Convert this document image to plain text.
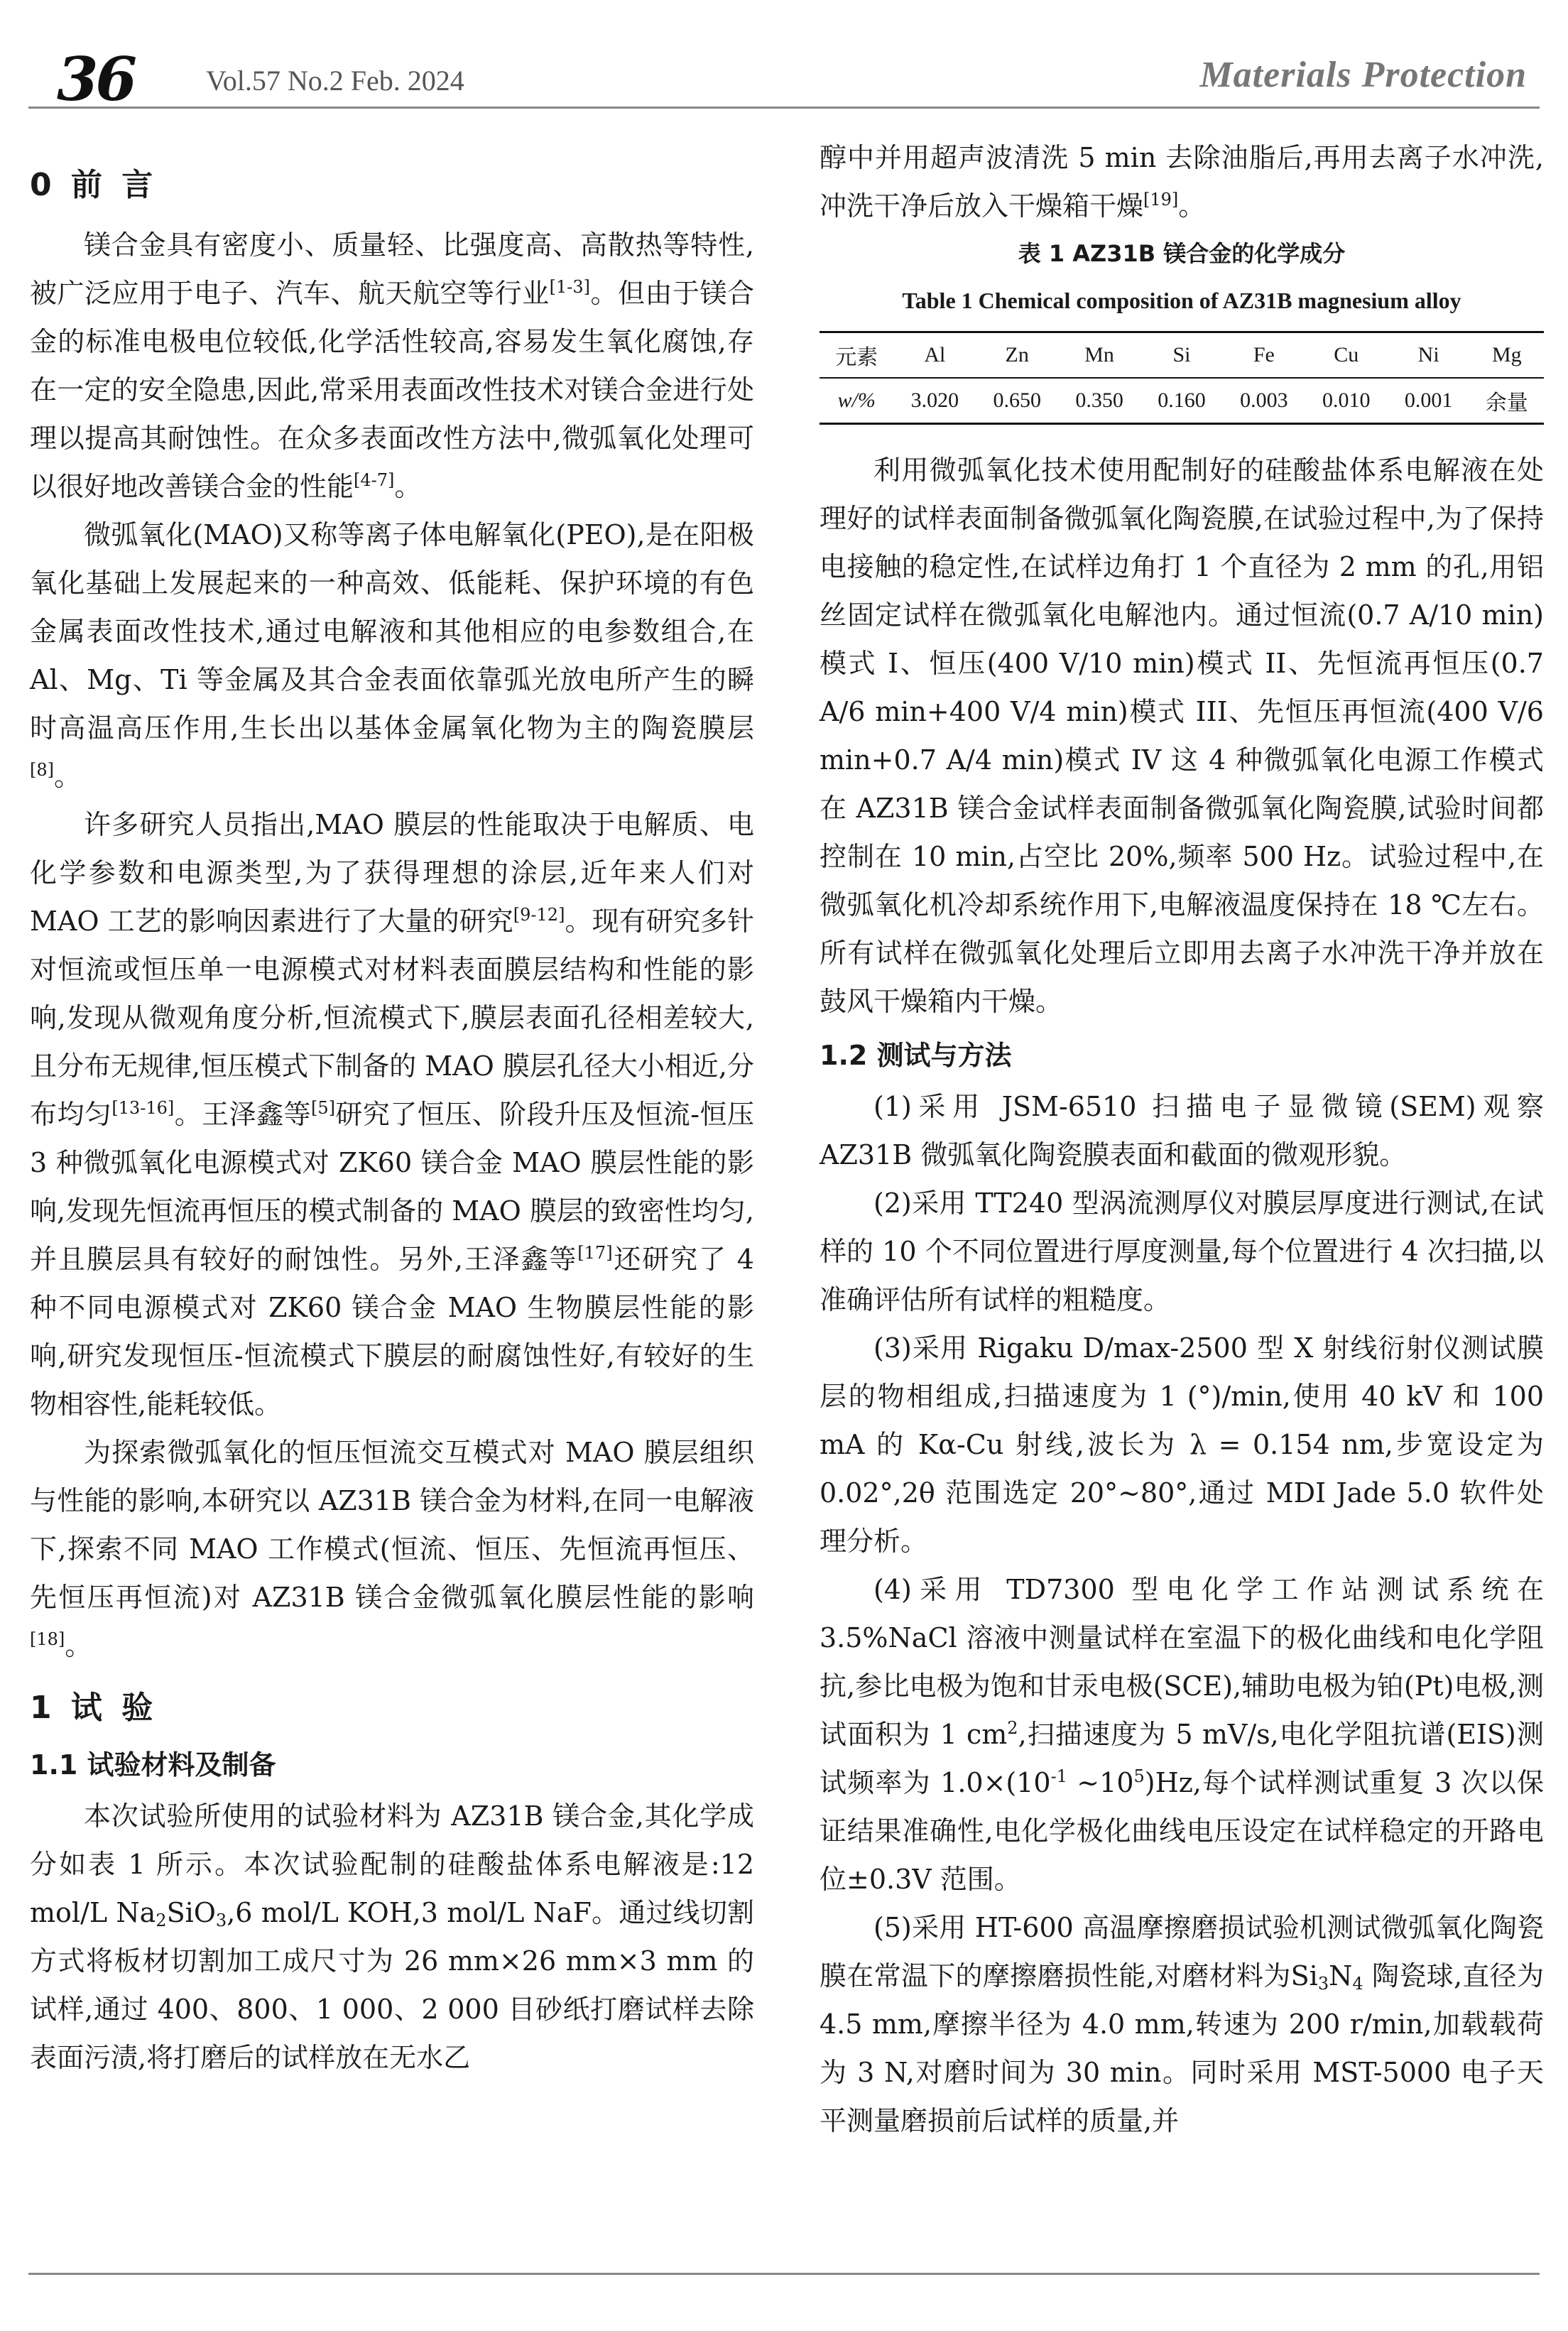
36	Vol.57 No.2 Feb. 2024	Materials Protection
0 前 言

镁合金具有密度小、质量轻、比强度高、高散热等特性,被广泛应用于电子、汽车、航天航空等行业[1-3]。但由于镁合金的标准电极电位较低,化学活性较高,容易发生氧化腐蚀,存在一定的安全隐患,因此,常采用表面改性技术对镁合金进行处理以提高其耐蚀性。在众多表面改性方法中,微弧氧化处理可以很好地改善镁合金的性能[4-7]。

微弧氧化(MAO)又称等离子体电解氧化(PEO),是在阳极氧化基础上发展起来的一种高效、低能耗、保护环境的有色金属表面改性技术,通过电解液和其他相应的电参数组合,在 Al、Mg、Ti 等金属及其合金表面依靠弧光放电所产生的瞬时高温高压作用,生长出以基体金属氧化物为主的陶瓷膜层[8]。

许多研究人员指出,MAO 膜层的性能取决于电解质、电化学参数和电源类型,为了获得理想的涂层,近年来人们对 MAO 工艺的影响因素进行了大量的研究[9-12]。现有研究多针对恒流或恒压单一电源模式对材料表面膜层结构和性能的影响,发现从微观角度分析,恒流模式下,膜层表面孔径相差较大,且分布无规律,恒压模式下制备的 MAO 膜层孔径大小相近,分布均匀[13-16]。王泽鑫等[5]研究了恒压、阶段升压及恒流-恒压 3 种微弧氧化电源模式对 ZK60 镁合金 MAO 膜层性能的影响,发现先恒流再恒压的模式制备的 MAO 膜层的致密性均匀,并且膜层具有较好的耐蚀性。另外,王泽鑫等[17]还研究了 4 种不同电源模式对 ZK60 镁合金 MAO 生物膜层性能的影响,研究发现恒压-恒流模式下膜层的耐腐蚀性好,有较好的生物相容性,能耗较低。

为探索微弧氧化的恒压恒流交互模式对 MAO 膜层组织与性能的影响,本研究以 AZ31B 镁合金为材料,在同一电解液下,探索不同 MAO 工作模式(恒流、恒压、先恒流再恒压、先恒压再恒流)对 AZ31B 镁合金微弧氧化膜层性能的影响[18]。

1 试 验
1.1 试验材料及制备

本次试验所使用的试验材料为 AZ31B 镁合金,其化学成分如表 1 所示。本次试验配制的硅酸盐体系电解液是:12 mol/L $Na_2SiO_3,6$ mol/L KOH,3 mol/L NaF。通过线切割方式将板材切割加工成尺寸为 26 mm×26 mm×3 mm 的试样,通过 400、800、1 000、2 000 目砂纸打磨试样去除表面污渍,将打磨后的试样放在无水乙

醇中并用超声波清洗 5 min 去除油脂后,再用去离子水冲洗,冲洗干净后放入干燥箱干燥[19]。

表 1 AZ31B 镁合金的化学成分
Table 1 Chemical composition of AZ31B magnesium alloy
元素	Al	Zn	Mn	Si	Fe	Cu	Ni	Mg
w/%	3.020	0.650	0.350	0.160	0.003	0.010	0.001	余量

利用微弧氧化技术使用配制好的硅酸盐体系电解液在处理好的试样表面制备微弧氧化陶瓷膜,在试验过程中,为了保持电接触的稳定性,在试样边角打 1 个直径为 2 mm 的孔,用铝丝固定试样在微弧氧化电解池内。通过恒流(0.7 A/10 min)模式 I、恒压(400 V/10 min)模式 II、先恒流再恒压(0.7 A/6 min+400 V/4 min)模式 III、先恒压再恒流(400 V/6 min+0.7 A/4 min)模式 IV 这 4 种微弧氧化电源工作模式在 AZ31B 镁合金试样表面制备微弧氧化陶瓷膜,试验时间都控制在 10 min,占空比 20%,频率 500 Hz。试验过程中,在微弧氧化机冷却系统作用下,电解液温度保持在 18 ℃左右。所有试样在微弧氧化处理后立即用去离子水冲洗干净并放在鼓风干燥箱内干燥。

1.2 测试与方法

(1)采用 JSM-6510 扫描电子显微镜(SEM)观察 AZ31B 微弧氧化陶瓷膜表面和截面的微观形貌。

(2)采用 TT240 型涡流测厚仪对膜层厚度进行测试,在试样的 10 个不同位置进行厚度测量,每个位置进行 4 次扫描,以准确评估所有试样的粗糙度。

(3)采用 Rigaku D/max-2500 型 X 射线衍射仪测试膜层的物相组成,扫描速度为 1 (°)/min,使用 40 kV 和 100 mA 的 Kα-Cu 射线,波长为 λ = 0.154 nm,步宽设定为 0.02°,2θ 范围选定 20°~80°,通过 MDI Jade 5.0 软件处理分析。

(4)采用 TD7300 型电化学工作站测试系统在 3.5%NaCl 溶液中测量试样在室温下的极化曲线和电化学阻抗,参比电极为饱和甘汞电极(SCE),辅助电极为铂(Pt)电极,测试面积为 1 $cm^2$,扫描速度为 5 mV/s,电化学阻抗谱(EIS)测试频率为 $1.0\times(10^{-1}$ $\sim 10^5)Hz$,每个试样测试重复 3 次以保证结果准确性,电化学极化曲线电压设定在试样稳定的开路电位±0.3V 范围。

(5)采用 HT-600 高温摩擦磨损试验机测试微弧氧化陶瓷膜在常温下的摩擦磨损性能,对磨材料为$Si_3N_4$ 陶瓷球,直径为 4.5 mm,摩擦半径为 4.0 mm,转速为 200 r/min,加载载荷为 3 N,对磨时间为 30 min。同时采用 MST-5000 电子天平测量磨损前后试样的质量,并
